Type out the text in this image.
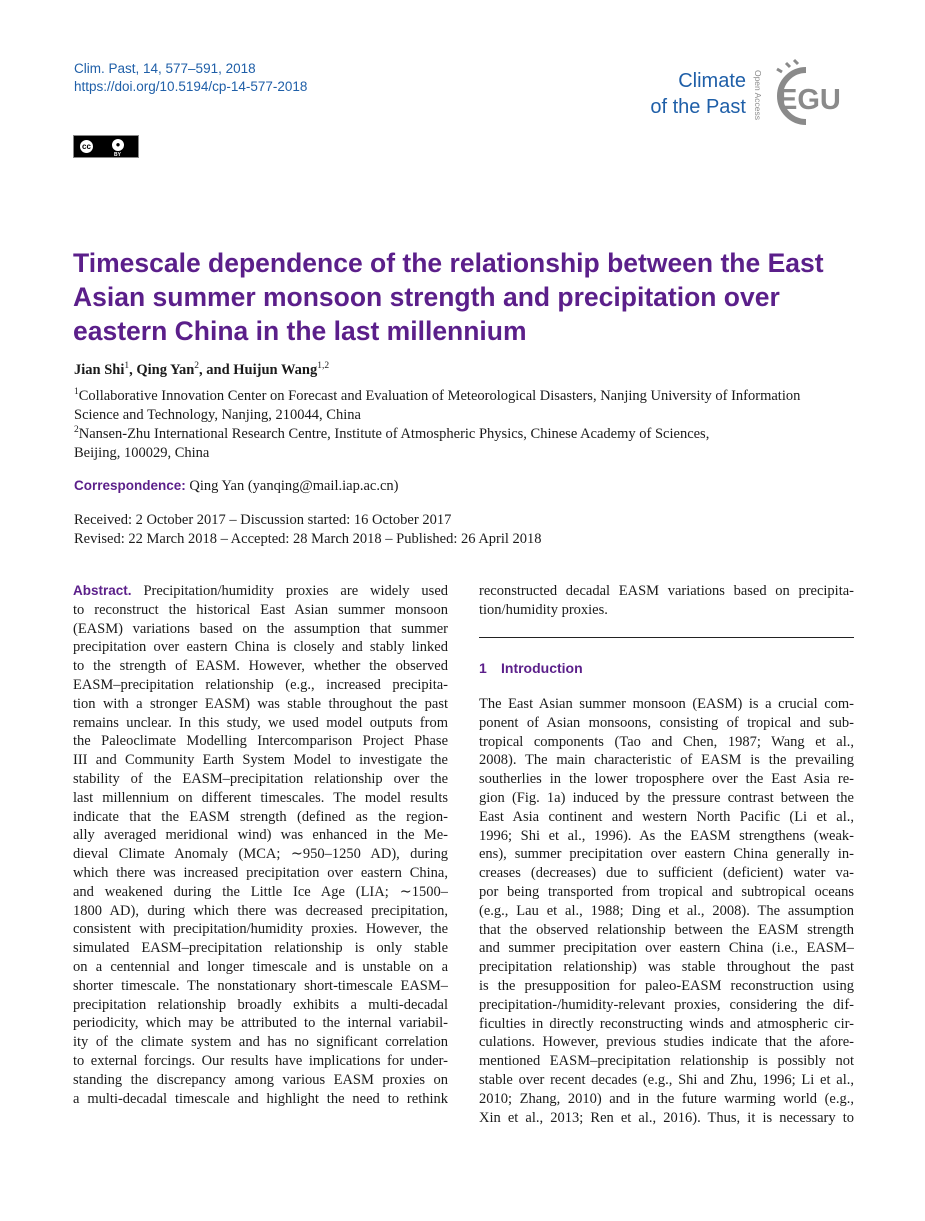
Clim. Past, 14, 577–591, 2018
https://doi.org/10.5194/cp-14-577-2018	Climate
of the Past Open Access EGU
cc	●
BY
Timescale dependence of the relationship between the East
Asian summer monsoon strength and precipitation over
eastern China in the last millennium
Jian Shi$^1$, Qing Yan$^2$, and Huijun Wang$^{1,2}$
$^1$Collaborative Innovation Center on Forecast and Evaluation of Meteorological Disasters, Nanjing University of Information
Science and Technology, Nanjing, 210044, China
$^2$Nansen-Zhu International Research Centre, Institute of Atmospheric Physics, Chinese Academy of Sciences,
Beijing, 100029, China
Correspondence: Qing Yan (yanqing@mail.iap.ac.cn)
Received: 2 October 2017 – Discussion started: 16 October 2017
Revised: 22 March 2018 – Accepted: 28 March 2018 – Published: 26 April 2018
Abstract. Precipitation/humidity proxies are widely used
to reconstruct the historical East Asian summer monsoon
(EASM) variations based on the assumption that summer
precipitation over eastern China is closely and stably linked
to the strength of EASM. However, whether the observed
EASM–precipitation relationship (e.g., increased precipita-
tion with a stronger EASM) was stable throughout the past
remains unclear. In this study, we used model outputs from
the Paleoclimate Modelling Intercomparison Project Phase
III and Community Earth System Model to investigate the
stability of the EASM–precipitation relationship over the
last millennium on different timescales. The model results
indicate that the EASM strength (defined as the region-
ally averaged meridional wind) was enhanced in the Me-
dieval Climate Anomaly (MCA; ∼950–1250 AD), during
which there was increased precipitation over eastern China,
and weakened during the Little Ice Age (LIA; ∼1500–
1800 AD), during which there was decreased precipitation,
consistent with precipitation/humidity proxies. However, the
simulated EASM–precipitation relationship is only stable
on a centennial and longer timescale and is unstable on a
shorter timescale. The nonstationary short-timescale EASM–
precipitation relationship broadly exhibits a multi-decadal
periodicity, which may be attributed to the internal variabil-
ity of the climate system and has no significant correlation
to external forcings. Our results have implications for under-
standing the discrepancy among various EASM proxies on
a multi-decadal timescale and highlight the need to rethink
reconstructed decadal EASM variations based on precipita-
tion/humidity proxies.
1 Introduction
The East Asian summer monsoon (EASM) is a crucial com-
ponent of Asian monsoons, consisting of tropical and sub-
tropical components (Tao and Chen, 1987; Wang et al.,
2008). The main characteristic of EASM is the prevailing
southerlies in the lower troposphere over the East Asia re-
gion (Fig. 1a) induced by the pressure contrast between the
East Asia continent and western North Pacific (Li et al.,
1996; Shi et al., 1996). As the EASM strengthens (weak-
ens), summer precipitation over eastern China generally in-
creases (decreases) due to sufficient (deficient) water va-
por being transported from tropical and subtropical oceans
(e.g., Lau et al., 1988; Ding et al., 2008). The assumption
that the observed relationship between the EASM strength
and summer precipitation over eastern China (i.e., EASM–
precipitation relationship) was stable throughout the past
is the presupposition for paleo-EASM reconstruction using
precipitation-/humidity-relevant proxies, considering the dif-
ficulties in directly reconstructing winds and atmospheric cir-
culations. However, previous studies indicate that the afore-
mentioned EASM–precipitation relationship is possibly not
stable over recent decades (e.g., Shi and Zhu, 1996; Li et al.,
2010; Zhang, 2010) and in the future warming world (e.g.,
Xin et al., 2013; Ren et al., 2016). Thus, it is necessary to
